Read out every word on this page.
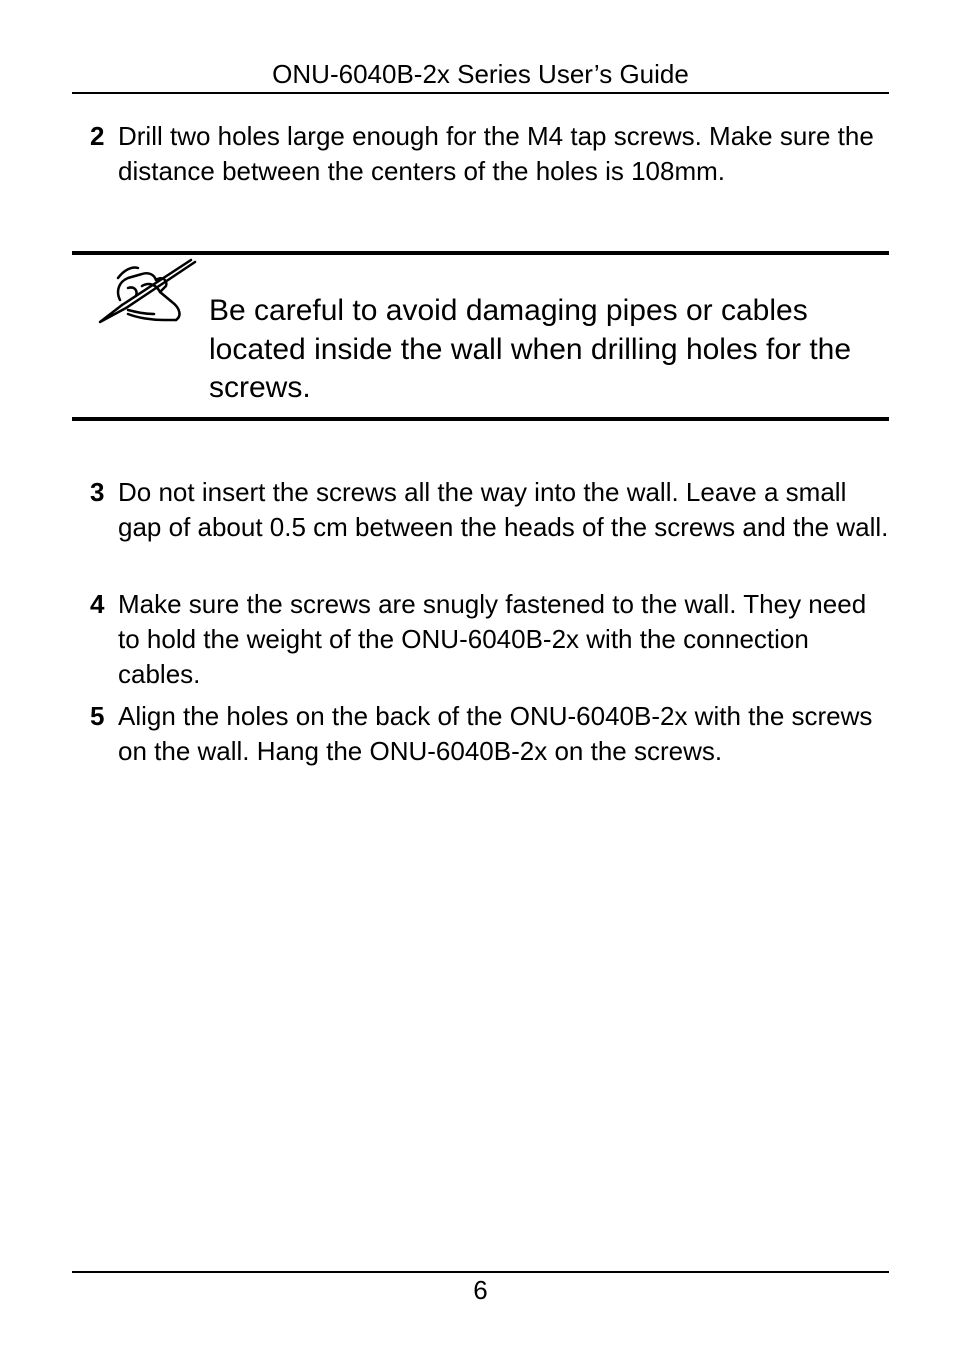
ONU-6040B-2x Series User’s Guide
2 Drill two holes large enough for the M4 tap screws. Make sure the distance between the centers of the holes is 108mm.
Be careful to avoid damaging pipes or cables located inside the wall when drilling holes for the screws.
3 Do not insert the screws all the way into the wall. Leave a small gap of about 0.5 cm between the heads of the screws and the wall.
4 Make sure the screws are snugly fastened to the wall. They need to hold the weight of the ONU-6040B-2x with the connection cables.
5 Align the holes on the back of the ONU-6040B-2x with the screws on the wall. Hang the ONU-6040B-2x on the screws.
6
